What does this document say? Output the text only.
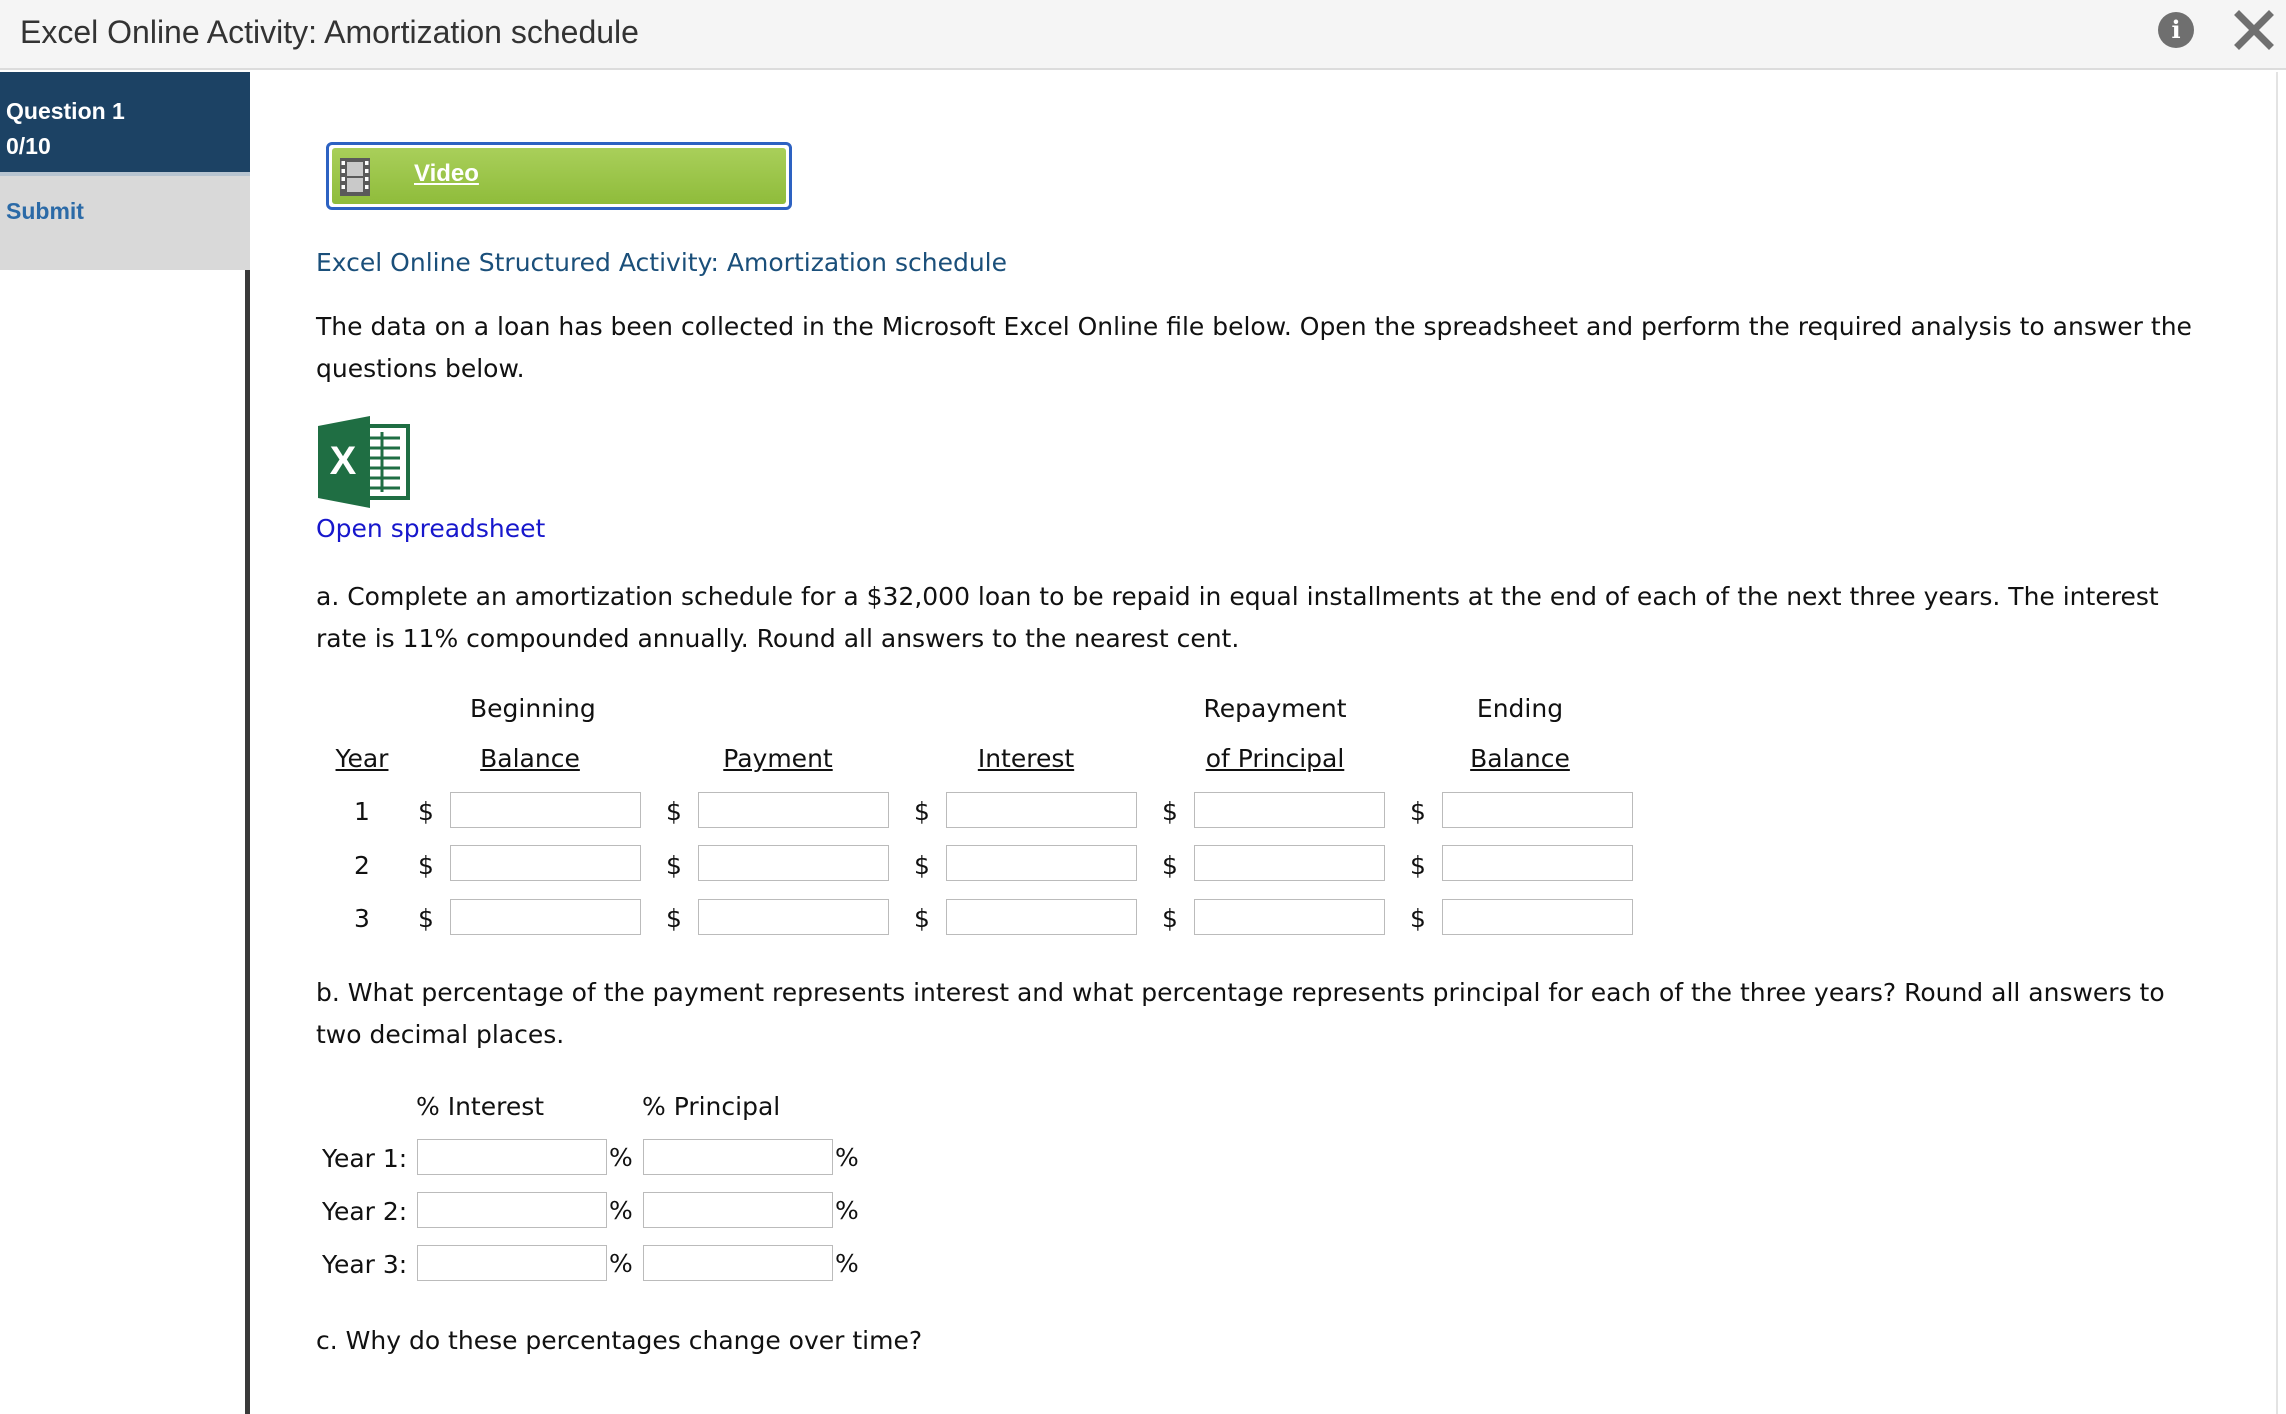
Excel Online Activity: Amortization schedule	i
Question 1
0/10
Submit
Video
Excel Online Structured Activity: Amortization schedule
The data on a loan has been collected in the Microsoft Excel Online file below. Open the spreadsheet and perform the required analysis to answer the questions below.
X
Open spreadsheet
a. Complete an amortization schedule for a $32,000 loan to be repaid in equal installments at the end of each of the next three years. The interest rate is 11% compounded annually. Round all answers to the nearest cent.
Beginning	Repayment	Ending
Year	Balance	Payment	Interest	of Principal	Balance
1 $	$	$	$	$
2 $	$	$	$	$
3 $	$	$	$	$
b. What percentage of the payment represents interest and what percentage represents principal for each of the three years? Round all answers to two decimal places.
% Interest	% Principal
Year 1:	%	%
Year 2:	%	%
Year 3:	%	%
c. Why do these percentages change over time?
